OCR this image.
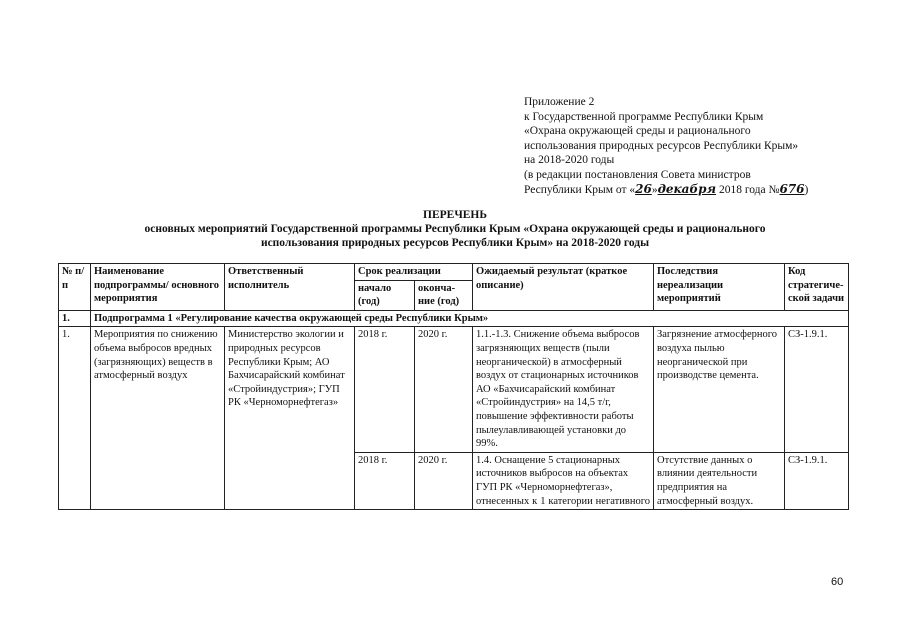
Приложение 2
к Государственной программе Республики Крым
«Охрана окружающей среды и рационального
использования природных ресурсов Республики Крым»
на 2018-2020 годы
(в редакции постановления Совета министров
Республики Крым от «26»декабря 2018 года №676)
ПЕРЕЧЕНЬ
основных мероприятий Государственной программы Республики Крым «Охрана окружающей среды и рационального
использования природных ресурсов Республики Крым» на 2018-2020 годы
№ п/п	Наименование подпрограммы/ основного мероприятия	Ответственный исполнитель	Срок реализации		Ожидаемый результат (краткое описание)	Последствия нереализации мероприятий	Код стратегиче-ской задачи
			начало (год)	оконча-ние (год)			
1.	Подпрограмма 1 «Регулирование качества окружающей среды Республики Крым»						
1.	Мероприятия по снижению объема выбросов вредных (загрязняющих) веществ в атмосферный воздух	Министерство экологии и природных ресурсов Республики Крым; АО Бахчисарайский комбинат «Стройиндустрия»; ГУП РК «Черноморнефтегаз»	2018 г.	2020 г.	1.1.-1.3. Снижение объема выбросов загрязняющих веществ (пыли неорганической) в атмосферный воздух от стационарных источников АО «Бахчисарайский комбинат «Стройиндустрия» на 14,5 т/г, повышение эффективности работы пылеулавливающей установки до 99%.	Загрязнение атмосферного воздуха пылью неорганической при производстве цемента.	СЗ-1.9.1.
			2018 г.	2020 г.	1.4. Оснащение 5 стационарных источников выбросов на объектах ГУП РК «Черноморнефтегаз», отнесенных к 1 категории негативного	Отсутствие данных о влиянии деятельности предприятия на атмосферный воздух.	СЗ-1.9.1.
60
